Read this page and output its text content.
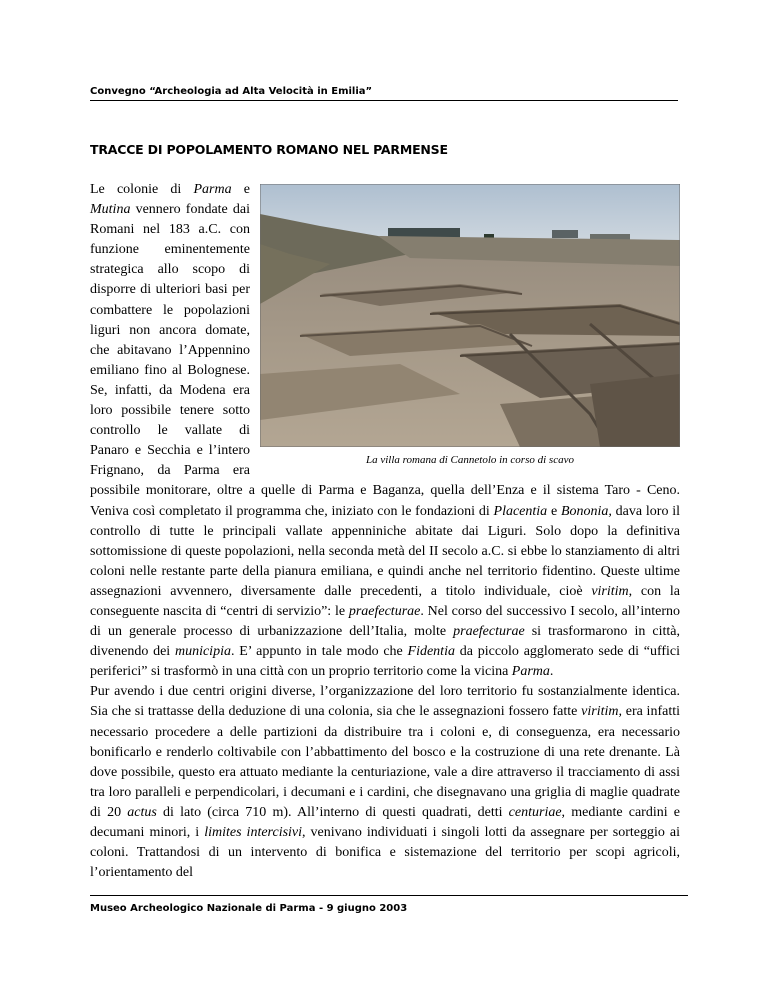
Convegno “Archeologia ad Alta Velocità in Emilia”
TRACCE DI POPOLAMENTO ROMANO NEL PARMENSE
La villa romana di Cannetolo in corso di scavo

Le colonie di Parma e Mutina vennero fondate dai Romani nel 183 a.C. con funzione eminentemente strategica allo scopo di disporre di ulteriori basi per combattere le popolazioni liguri non ancora domate, che abitavano l’Appennino emiliano fino al Bolognese. Se, infatti, da Modena era loro possibile tenere sotto controllo le vallate di Panaro e Secchia e l’intero Frignano, da Parma era possibile monitorare, oltre a quelle di Parma e Baganza, quella dell’Enza e il sistema Taro - Ceno. Veniva così completato il programma che, iniziato con le fondazioni di Placentia e Bononia, dava loro il controllo di tutte le principali vallate appenniniche abitate dai Liguri. Solo dopo la definitiva sottomissione di queste popolazioni, nella seconda metà del II secolo a.C. si ebbe lo stanziamento di altri coloni nelle restante parte della pianura emiliana, e quindi anche nel territorio fidentino. Queste ultime assegnazioni avvennero, diversamente dalle precedenti, a titolo individuale, cioè viritim, con la conseguente nascita di “centri di servizio”: le praefecturae. Nel corso del successivo I secolo, all’interno di un generale processo di urbanizzazione dell’Italia, molte praefecturae si trasformarono in città, divenendo dei municipia. E’ appunto in tale modo che Fidentia da piccolo agglomerato sede di “uffici periferici” si trasformò in una città con un proprio territorio come la vicina Parma.

Pur avendo i due centri origini diverse, l’organizzazione del loro territorio fu sostanzialmente identica. Sia che si trattasse della deduzione di una colonia, sia che le assegnazioni fossero fatte viritim, era infatti necessario procedere a delle partizioni da distribuire tra i coloni e, di conseguenza, era necessario bonificarlo e renderlo coltivabile con l’abbattimento del bosco e la costruzione di una rete drenante. Là dove possibile, questo era attuato mediante la centuriazione, vale a dire attraverso il tracciamento di assi tra loro paralleli e perpendicolari, i decumani e i cardini, che disegnavano una griglia di maglie quadrate di 20 actus di lato (circa 710 m). All’interno di questi quadrati, detti centuriae, mediante cardini e decumani minori, i limites intercisivi, venivano individuati i singoli lotti da assegnare per sorteggio ai coloni. Trattandosi di un intervento di bonifica e sistemazione del territorio per scopi agricoli, l’orientamento del

Museo Archeologico Nazionale di Parma - 9 giugno 2003
